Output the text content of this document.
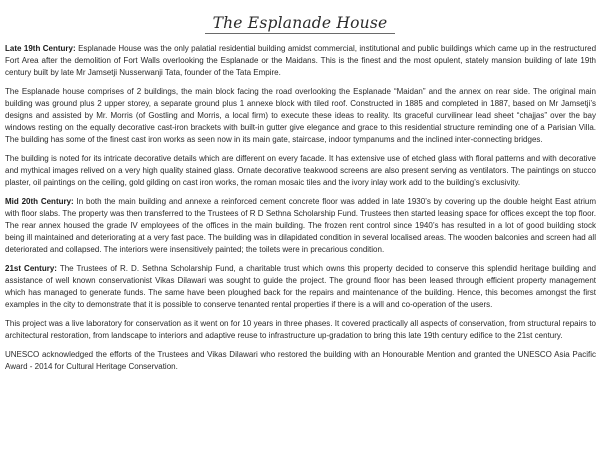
The Esplanade House

Late 19th Century: Esplanade House was the only palatial residential building amidst commercial, institutional and public buildings which came up in the restructured Fort Area after the demolition of Fort Walls overlooking the Esplanade or the Maidans. This is the finest and the most opulent, stately mansion building of late 19th century built by late Mr Jamsetji Nusserwanji Tata, founder of the Tata Empire.

The Esplanade house comprises of 2 buildings, the main block facing the road overlooking the Esplanade “Maidan” and the annex on rear side. The original main building was ground plus 2 upper storey, a separate ground plus 1 annexe block with tiled roof. Constructed in 1885 and completed in 1887, based on Mr Jamsetji’s designs and assisted by Mr. Morris (of Gostling and Morris, a local firm) to execute these ideas to reality. Its graceful curvilinear lead sheet “chajjas” over the bay windows resting on the equally decorative cast-iron brackets with built-in gutter give elegance and grace to this residential structure reminding one of a Parisian Villa. The building has some of the finest cast iron works as seen now in its main gate, staircase, indoor tympanums and the inclined inter-connecting bridges.

The building is noted for its intricate decorative details which are different on every facade. It has extensive use of etched glass with floral patterns and with decorative and mythical images relived on a very high quality stained glass. Ornate decorative teakwood screens are also present serving as ventilators. The paintings on stucco plaster, oil paintings on the ceiling, gold gilding on cast iron works, the roman mosaic tiles and the ivory inlay work add to the building’s exclusivity.

Mid 20th Century: In both the main building and annexe a reinforced cement concrete floor was added in late 1930’s by covering up the double height East atrium with floor slabs. The property was then transferred to the Trustees of R D Sethna Scholarship Fund. Trustees then started leasing space for offices except the top floor. The rear annex housed the grade IV employees of the offices in the main building. The frozen rent control since 1940’s has resulted in a lot of good building stock being ill maintained and deteriorating at a very fast pace. The building was in dilapidated condition in several localised areas. The wooden balconies and screen had all deteriorated and collapsed. The interiors were insensitively painted; the toilets were in precarious condition.

21st Century: The Trustees of R. D. Sethna Scholarship Fund, a charitable trust which owns this property decided to conserve this splendid heritage building and assistance of well known conservationist Vikas Dilawari was sought to guide the project. The ground floor has been leased through efficient property management which has managed to generate funds. The same have been ploughed back for the repairs and maintenance of the building. Hence, this becomes amongst the first examples in the city to demonstrate that it is possible to conserve tenanted rental properties if there is a will and co-operation of the users.

This project was a live laboratory for conservation as it went on for 10 years in three phases. It covered practically all aspects of conservation, from structural repairs to architectural restoration, from landscape to interiors and adaptive reuse to infrastructure up-gradation to bring this late 19th century edifice to the 21st century.

UNESCO acknowledged the efforts of the Trustees and Vikas Dilawari who restored the building with an Honourable Mention and granted the UNESCO Asia Pacific Award - 2014 for Cultural Heritage Conservation.
